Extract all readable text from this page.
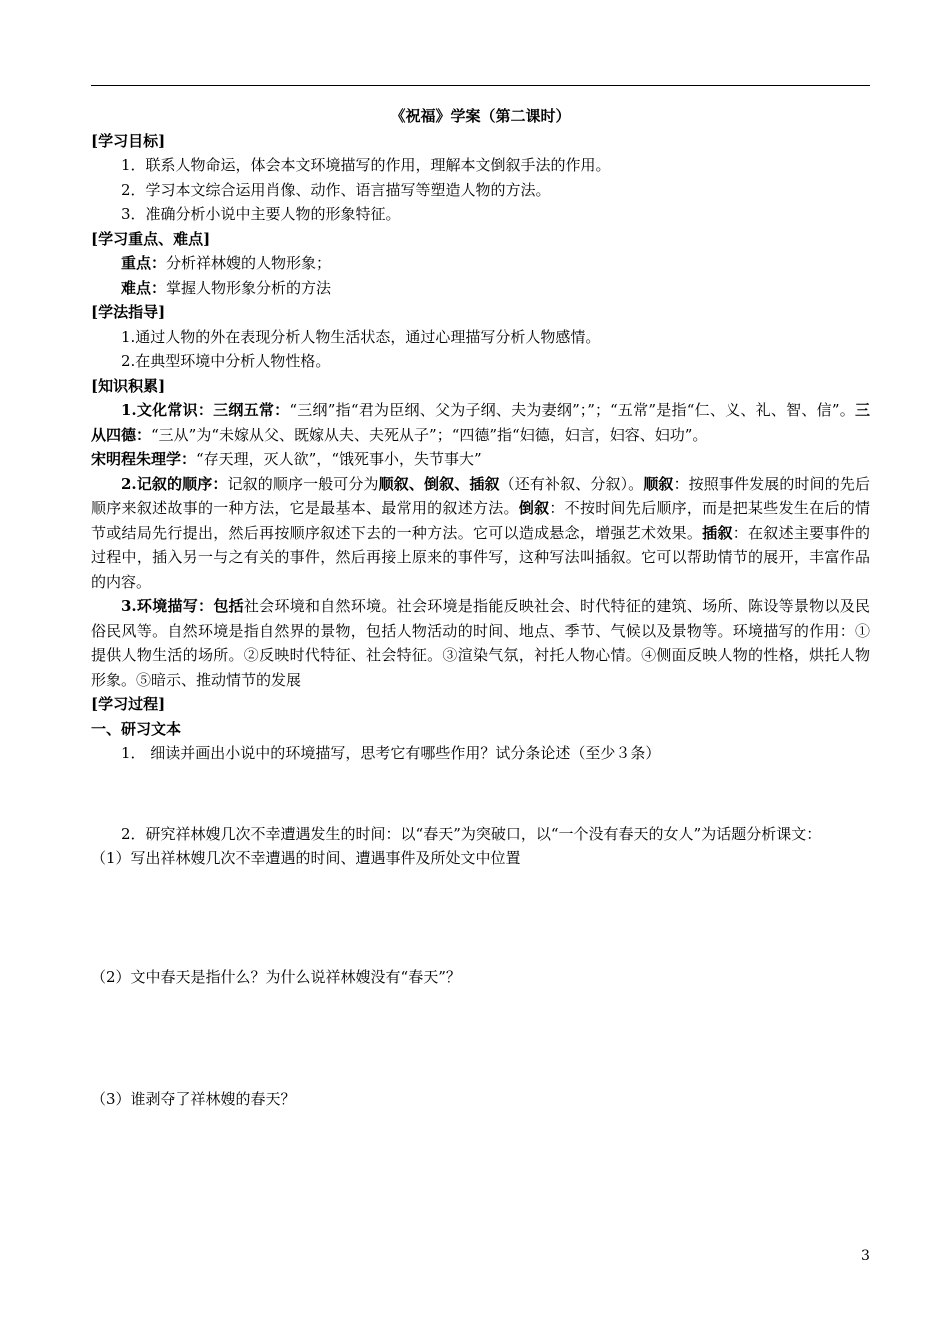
《祝福》学案（第二课时）
[学习目标]

1．联系人物命运，体会本文环境描写的作用，理解本文倒叙手法的作用。

2．学习本文综合运用肖像、动作、语言描写等塑造人物的方法。

3．准确分析小说中主要人物的形象特征。

[学习重点、难点]

重点：分析祥林嫂的人物形象；

难点：掌握人物形象分析的方法

[学法指导]

1.通过人物的外在表现分析人物生活状态，通过心理描写分析人物感情。

2.在典型环境中分析人物性格。

[知识积累]

1.文化常识：三纲五常：“三纲”指“君为臣纲、父为子纲、夫为妻纲”；”；“五常”是指“仁、义、礼、智、信”。三从四德：“三从”为“未嫁从父、既嫁从夫、夫死从子”；“四德”指“妇德，妇言，妇容、妇功”。

宋明程朱理学：“存天理，灭人欲”，“饿死事小，失节事大”

2.记叙的顺序：记叙的顺序一般可分为顺叙、倒叙、插叙（还有补叙、分叙）。顺叙：按照事件发展的时间的先后顺序来叙述故事的一种方法，它是最基本、最常用的叙述方法。倒叙：不按时间先后顺序，而是把某些发生在后的情节或结局先行提出，然后再按顺序叙述下去的一种方法。它可以造成悬念，增强艺术效果。插叙：在叙述主要事件的过程中，插入另一与之有关的事件，然后再接上原来的事件写，这种写法叫插叙。它可以帮助情节的展开，丰富作品的内容。

3.环境描写：包括社会环境和自然环境。社会环境是指能反映社会、时代特征的建筑、场所、陈设等景物以及民俗民风等。自然环境是指自然界的景物，包括人物活动的时间、地点、季节、气候以及景物等。环境描写的作用：①提供人物生活的场所。②反映时代特征、社会特征。③渲染气氛，衬托人物心情。④侧面反映人物的性格，烘托人物形象。⑤暗示、推动情节的发展

[学习过程]
一、研习文本

1． 细读并画出小说中的环境描写，思考它有哪些作用？试分条论述（至少３条）

2．研究祥林嫂几次不幸遭遇发生的时间：以“春天”为突破口，以“一个没有春天的女人”为话题分析课文：

（1）写出祥林嫂几次不幸遭遇的时间、遭遇事件及所处文中位置

（2）文中春天是指什么？为什么说祥林嫂没有“春天”？

（3）谁剥夺了祥林嫂的春天？

3
